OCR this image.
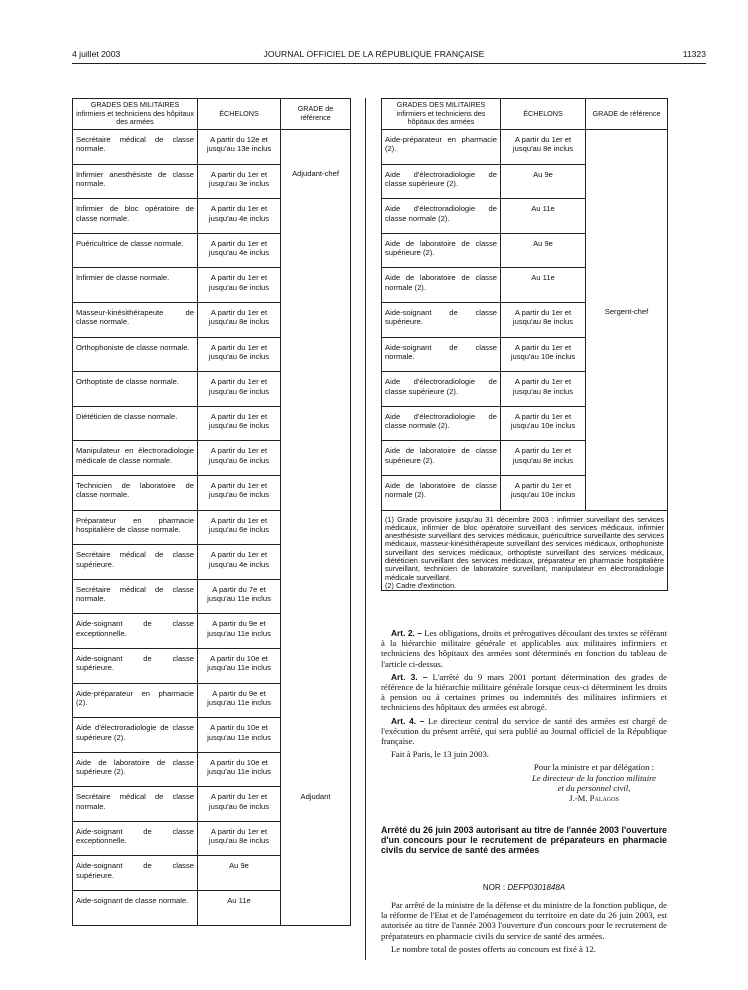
4 juillet 2003	JOURNAL OFFICIEL DE LA RÉPUBLIQUE FRANÇAISE	11323
GRADES DES MILITAIRES infirmiers et techniciens des hôpitaux des armées	ÉCHELONS	GRADE de référence
Secrétaire médical de classe normale.	A partir du 12e et jusqu'au 13e inclus	
Infirmier anesthésiste de classe normale.	A partir du 1er et jusqu'au 3e inclus	Adjudant-chef
Infirmier de bloc opératoire de classe normale.	A partir du 1er et jusqu'au 4e inclus	
Puéricultrice de classe normale.	A partir du 1er et jusqu'au 4e inclus	
Infirmier de classe normale.	A partir du 1er et jusqu'au 6e inclus	
Masseur-kinésithérapeute de classe normale.	A partir du 1er et jusqu'au 8e inclus	
Orthophoniste de classe normale.	A partir du 1er et jusqu'au 6e inclus	
Orthoptiste de classe normale.	A partir du 1er et jusqu'au 6e inclus	
Diététicien de classe normale.	A partir du 1er et jusqu'au 6e inclus	
Manipulateur en électroradiologie médicale de classe normale.	A partir du 1er et jusqu'au 6e inclus	
Technicien de laboratoire de classe normale.	A partir du 1er et jusqu'au 6e inclus	
Préparateur en pharmacie hospitalière de classe normale.	A partir du 1er et jusqu'au 6e inclus	
Secrétaire médical de classe supérieure.	A partir du 1er et jusqu'au 4e inclus	
Secrétaire médical de classe normale.	A partir du 7e et jusqu'au 11e inclus	
Aide-soignant de classe exceptionnelle.	A partir du 9e et jusqu'au 11e inclus	
Aide-soignant de classe supérieure.	A partir du 10e et jusqu'au 11e inclus	
Aide-préparateur en pharmacie (2).	A partir du 9e et jusqu'au 11e inclus	
Aide d'électroradiologie de classe supérieure (2).	A partir du 10e et jusqu'au 11e inclus	
Aide de laboratoire de classe supérieure (2).	A partir du 10e et jusqu'au 11e inclus	
Secrétaire médical de classe normale.	A partir du 1er et jusqu'au 6e inclus	Adjudant
Aide-soignant de classe exceptionnelle.	A partir du 1er et jusqu'au 8e inclus	
Aide-soignant de classe supérieure.	Au 9e	
Aide-soignant de classe normale.	Au 11e	
GRADES DES MILITAIRES infirmiers et techniciens des hôpitaux des armées	ÉCHELONS	GRADE de référence
Aide-préparateur en pharmacie (2).	A partir du 1er et jusqu'au 8e inclus	
Aide d'électroradiologie de classe supérieure (2).	Au 9e	
Aide d'électroradiologie de classe normale (2).	Au 11e	
Aide de laboratoire de classe supérieure (2).	Au 9e	
Aide de laboratoire de classe normale (2).	Au 11e	
Aide-soignant de classe supérieure.	A partir du 1er et jusqu'au 8e inclus	Sergent-chef
Aide-soignant de classe normale.	A partir du 1er et jusqu'au 10e inclus	
Aide d'électroradiologie de classe supérieure (2).	A partir du 1er et jusqu'au 8e inclus	
Aide d'électroradiologie de classe normale (2).	A partir du 1er et jusqu'au 10e inclus	
Aide de laboratoire de classe supérieure (2).	A partir du 1er et jusqu'au 8e inclus	
Aide de laboratoire de classe normale (2).	A partir du 1er et jusqu'au 10e inclus	

(1) Grade provisoire jusqu'au 31 décembre 2003 : infirmier surveillant des services médicaux, infirmier de bloc opératoire surveillant des services médicaux, infirmier anesthésiste surveillant des services médicaux, puéricultrice surveillante des services médicaux, masseur-kinésithérapeute surveillant des services médicaux, orthophoniste surveillant des services médicaux, orthoptiste surveillant des services médicaux, diététicien surveillant des services médicaux, préparateur en pharmacie hospitalière surveillant, technicien de laboratoire surveillant, manipulateur en électroradiologie médicale surveillant.
(2) Cadre d'extinction.		

Art. 2. – Les obligations, droits et prérogatives découlant des textes se référant à la hiérarchie militaire générale et applicables aux militaires infirmiers et techniciens des hôpitaux des armées sont déterminés en fonction du tableau de l'article ci-dessus.

Art. 3. – L'arrêté du 9 mars 2001 portant détermination des grades de référence de la hiérarchie militaire générale lorsque ceux-ci déterminent les droits à pension ou à certaines primes ou indemnités des militaires infirmiers et techniciens des hôpitaux des armées est abrogé.

Art. 4. – Le directeur central du service de santé des armées est chargé de l'exécution du présent arrêté, qui sera publié au Journal officiel de la République française.

Fait à Paris, le 13 juin 2003.

Pour la ministre et par délégation :
Le directeur de la fonction militaire
et du personnel civil,
J.-M. Palagos
Arrêté du 26 juin 2003 autorisant au titre de l'année 2003 l'ouverture d'un concours pour le recrutement de préparateurs en pharmacie civils du service de santé des armées
NOR : DEFP0301848A

Par arrêté de la ministre de la défense et du ministre de la fonction publique, de la réforme de l'Etat et de l'aménagement du territoire en date du 26 juin 2003, est autorisée au titre de l'année 2003 l'ouverture d'un concours pour le recrutement de préparateurs en pharmacie civils du service de santé des armées.

Le nombre total de postes offerts au concours est fixé à 12.
